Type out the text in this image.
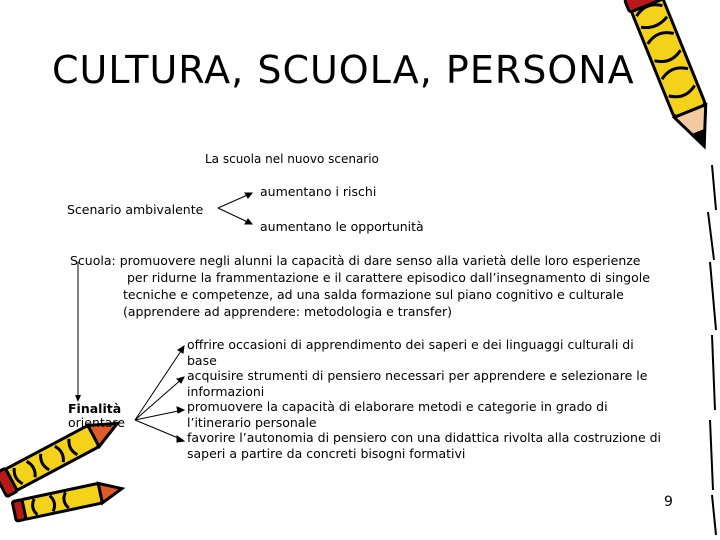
CULTURA, SCUOLA, PERSONA
La scuola nel nuovo scenario
Scenario ambivalente
aumentano i rischi
aumentano le opportunità
Scuola: promuovere negli alunni la capacità di dare senso alla varietà delle loro esperienze
per ridurne la frammentazione e il carattere episodico dall’insegnamento di singole
tecniche e competenze, ad una salda formazione sul piano cognitivo e culturale
(apprendere ad apprendere: metodologia e transfer)
Finalità
orientare
offrire occasioni di apprendimento dei saperi e dei linguaggi culturali di
base
acquisire strumenti di pensiero necessari per apprendere e selezionare le
informazioni
promuovere la capacità di elaborare metodi e categorie in grado di
l’itinerario personale
favorire l’autonomia di pensiero con una didattica rivolta alla costruzione di
saperi a partire da concreti bisogni formativi
9
